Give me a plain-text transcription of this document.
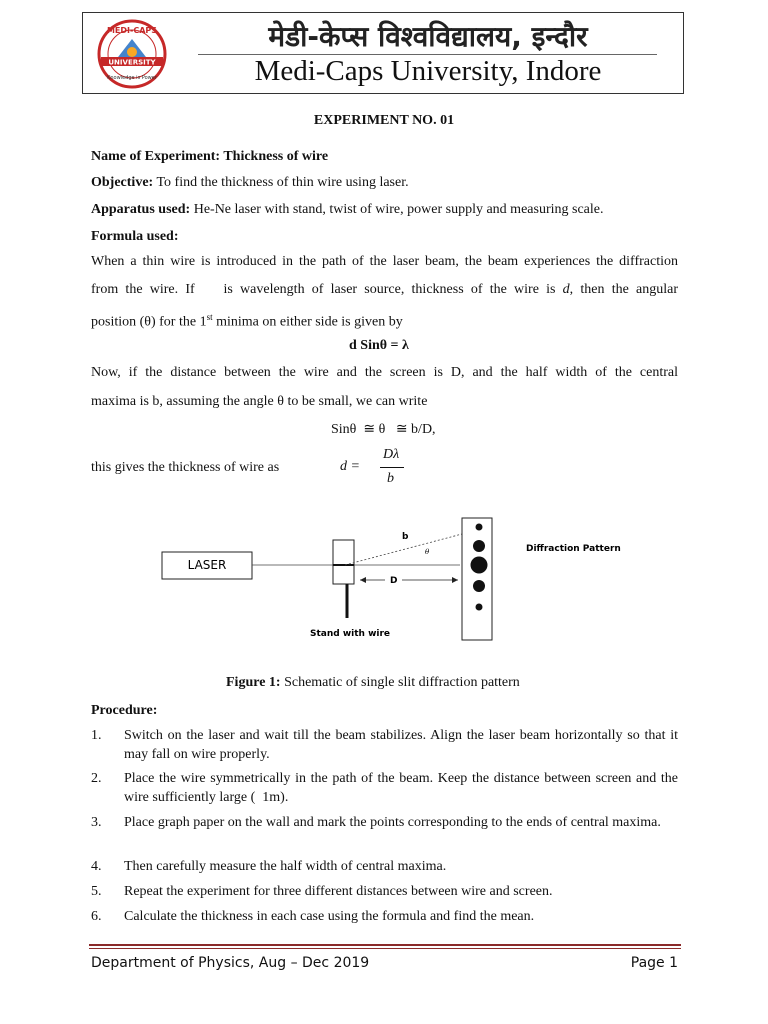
UNIVERSITY
MEDI-CAPS
Knowledge is Power
मेडी-केप्स विश्वविद्यालय, इन्दौर
Medi-Caps University, Indore
EXPERIMENT NO. 01
Name of Experiment: Thickness of wire
Objective: To find the thickness of thin wire using laser.
Apparatus used: He-Ne laser with stand, twist of wire, power supply and measuring scale.
Formula used:
When a thin wire is introduced in the path of the laser beam, the beam experiences the diffraction
from the wire. If    is wavelength of laser source, thickness of the wire is d, then the angular
position (θ) for the 1st minima on either side is given by
d Sinθ = λ
Now, if the distance between the wire and the screen is D, and the half width of the central
maxima is b, assuming the angle θ to be small, we can write
Sinθ  ≅ θ   ≅ b/D,
this gives the thickness of wire as	d =
Dλ
b
LASER
b
θ
D
Diffraction Pattern
Stand with wire
Figure 1: Schematic of single slit diffraction pattern
Procedure:
1. Switch on the laser and wait till the beam stabilizes. Align the laser beam horizontally so that it may fall on wire properly.
2. Place the wire symmetrically in the path of the beam. Keep the distance between screen and the wire sufficiently large (  1m).
3. Place graph paper on the wall and mark the points corresponding to the ends of central maxima.
4. Then carefully measure the half width of central maxima.
5. Repeat the experiment for three different distances between wire and screen.
6. Calculate the thickness in each case using the formula and find the mean.
Department of Physics, Aug – Dec 2019	Page 1
